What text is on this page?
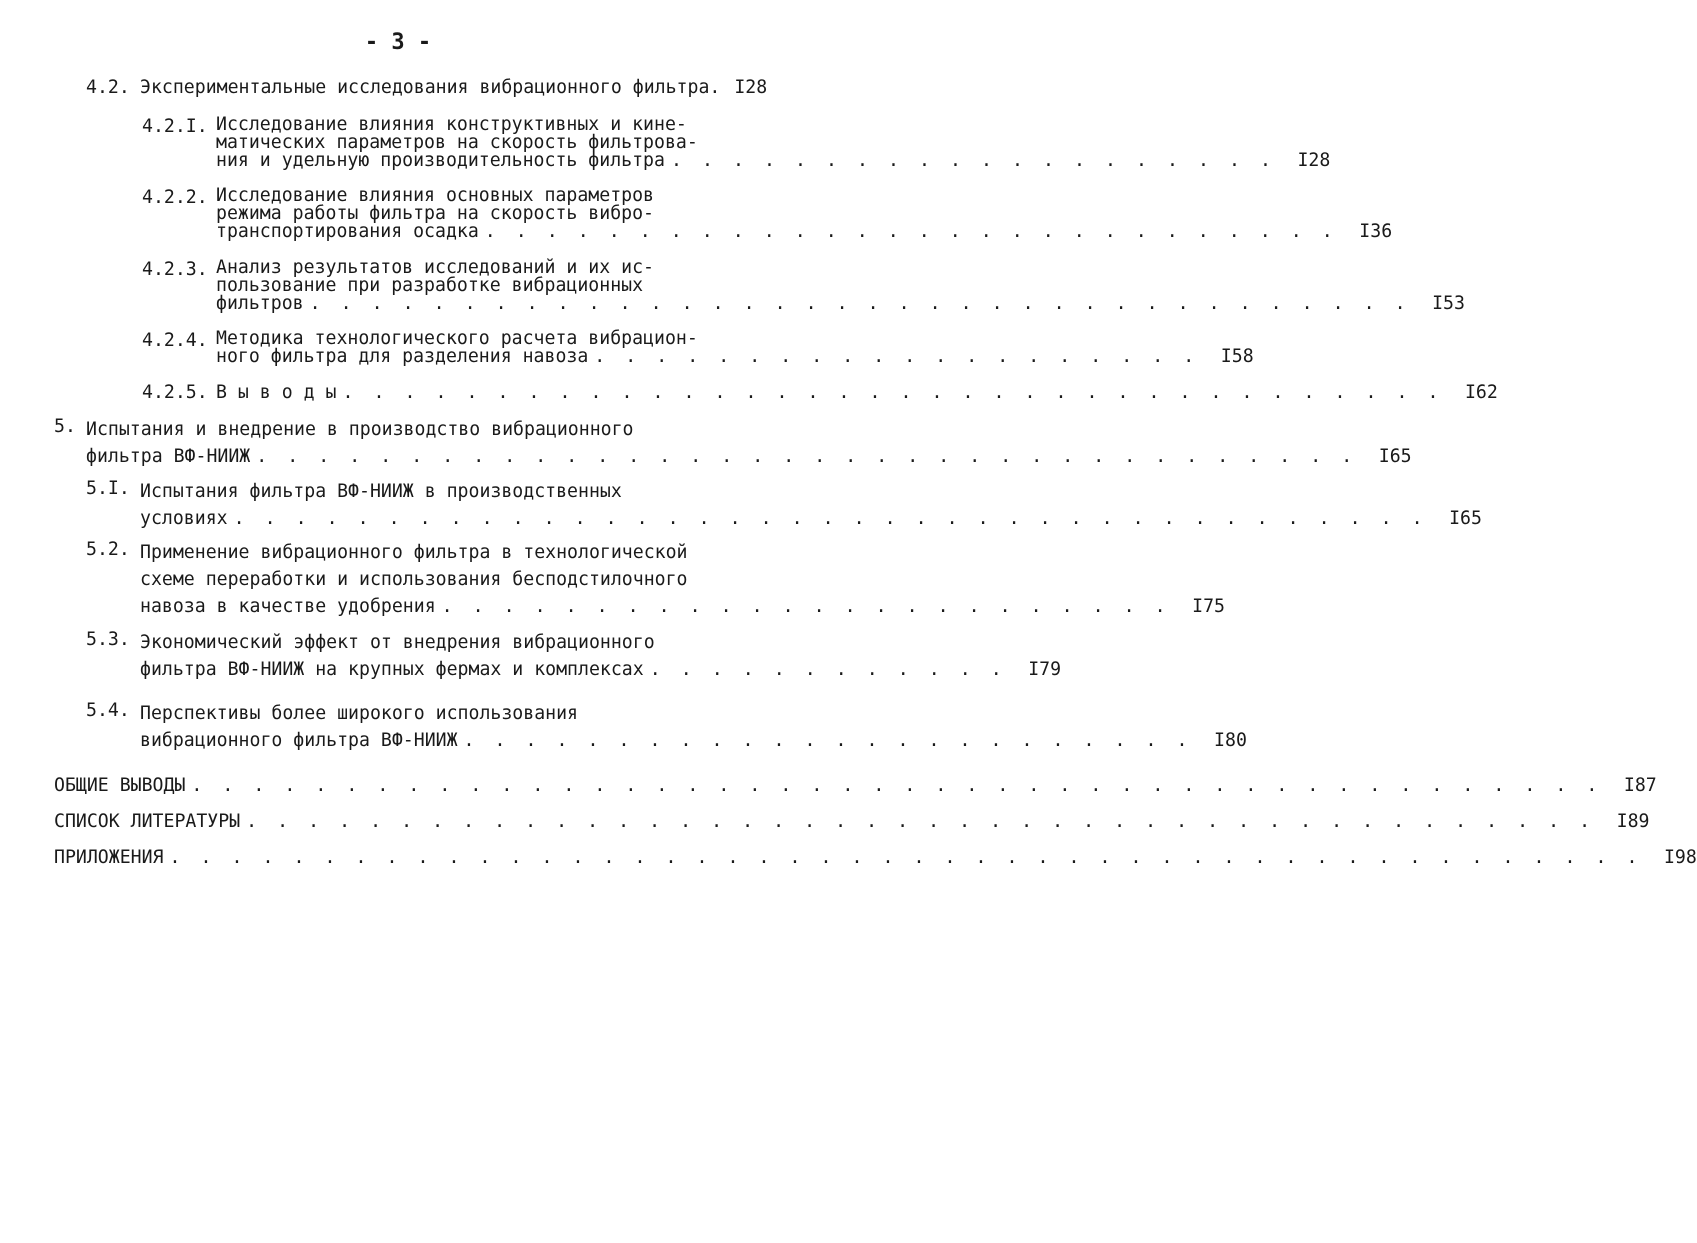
- 3 -
4.2. Экспериментальные исследования вибрационного фильтра. I28
4.2.I. Исследование влияния конструктивных и кине-
матических параметров на скорость фильтрова-
ния и удельную производительность фильтра . . . . . . . . . . . . . . . . . . . . I28
4.2.2. Исследование влияния основных параметров
режима работы фильтра на скорость вибро-
транспортирования осадка . . . . . . . . . . . . . . . . . . . . . . . . . . . . I36
4.2.3. Анализ результатов исследований и их ис-
пользование при разработке вибрационных
фильтров . . . . . . . . . . . . . . . . . . . . . . . . . . . . . . . . . . . . I53
4.2.4. Методика технологического расчета вибрацион-
ного фильтра для разделения навоза . . . . . . . . . . . . . . . . . . . . I58
4.2.5. В ы в о д ы . . . . . . . . . . . . . . . . . . . . . . . . . . . . . . . . . . . . I62
5. Испытания и внедрение в производство вибрационного
фильтра ВФ-НИИЖ . . . . . . . . . . . . . . . . . . . . . . . . . . . . . . . . . . . . I65
5.I. Испытания фильтра ВФ-НИИЖ в производственных
условиях . . . . . . . . . . . . . . . . . . . . . . . . . . . . . . . . . . . . . . . I65
5.2. Применение вибрационного фильтра в технологической
схеме переработки и использования бесподстилочного
навоза в качестве удобрения . . . . . . . . . . . . . . . . . . . . . . . . I75
5.3. Экономический эффект от внедрения вибрационного
фильтра ВФ-НИИЖ на крупных фермах и комплексах . . . . . . . . . . . . I79
5.4. Перспективы более широкого использования
вибрационного фильтра ВФ-НИИЖ . . . . . . . . . . . . . . . . . . . . . . . . I80
ОБЩИЕ ВЫВОДЫ . . . . . . . . . . . . . . . . . . . . . . . . . . . . . . . . . . . . . . . . . . . . . . I87
СПИСОК ЛИТЕРАТУРЫ . . . . . . . . . . . . . . . . . . . . . . . . . . . . . . . . . . . . . . . . . . . . I89
ПРИЛОЖЕНИЯ . . . . . . . . . . . . . . . . . . . . . . . . . . . . . . . . . . . . . . . . . . . . . . . . I98
